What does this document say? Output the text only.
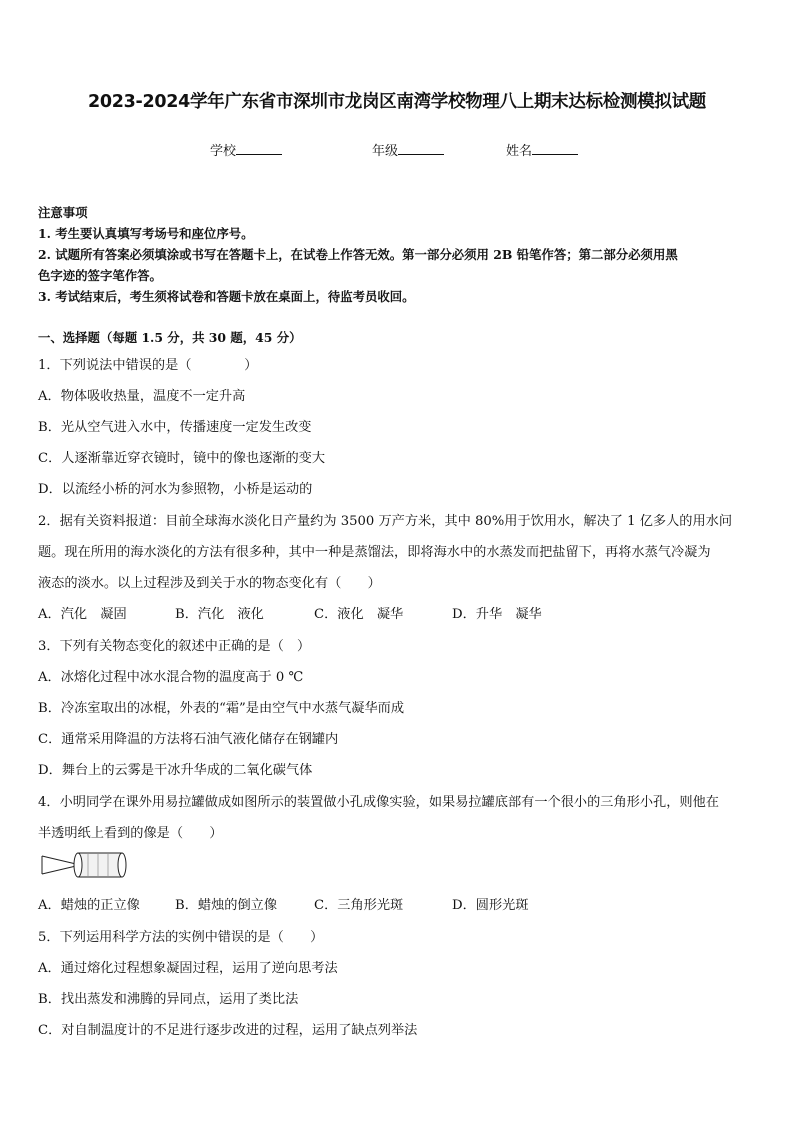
2023-2024学年广东省市深圳市龙岗区南湾学校物理八上期末达标检测模拟试题
学校	年级	姓名
注意事项
1. 考生要认真填写考场号和座位序号。
2. 试题所有答案必须填涂或书写在答题卡上，在试卷上作答无效。第一部分必须用 2B 铅笔作答；第二部分必须用黑
色字迹的签字笔作答。
3. 考试结束后，考生须将试卷和答题卡放在桌面上，待监考员收回。
一、选择题（每题 1.5 分，共 30 题，45 分）
1．下列说法中错误的是（　　　　）
A．物体吸收热量，温度不一定升高
B．光从空气进入水中，传播速度一定发生改变
C．人逐渐靠近穿衣镜时，镜中的像也逐渐的变大
D．以流经小桥的河水为参照物，小桥是运动的
2．据有关资料报道：目前全球海水淡化日产量约为 3500 万产方米，其中 80%用于饮用水，解决了 1 亿多人的用水问
题。现在所用的海水淡化的方法有很多种，其中一种是蒸馏法，即将海水中的水蒸发而把盐留下，再将水蒸气冷凝为
液态的淡水。以上过程涉及到关于水的物态变化有（　　）
A．汽化　凝固	B．汽化　液化	C．液化　凝华	D．升华　凝华
3．下列有关物态变化的叙述中正确的是（　）
A．冰熔化过程中冰水混合物的温度高于 0 ℃
B．冷冻室取出的冰棍，外表的“霜”是由空气中水蒸气凝华而成
C．通常采用降温的方法将石油气液化储存在钢罐内
D．舞台上的云雾是干冰升华成的二氧化碳气体
4．小明同学在课外用易拉罐做成如图所示的装置做小孔成像实验，如果易拉罐底部有一个很小的三角形小孔，则他在
半透明纸上看到的像是（　　）
A．蜡烛的正立像	B．蜡烛的倒立像	C．三角形光斑	D．圆形光斑
5．下列运用科学方法的实例中错误的是（　　）
A．通过熔化过程想象凝固过程，运用了逆向思考法
B．找出蒸发和沸腾的异同点，运用了类比法
C．对自制温度计的不足进行逐步改进的过程，运用了缺点列举法
